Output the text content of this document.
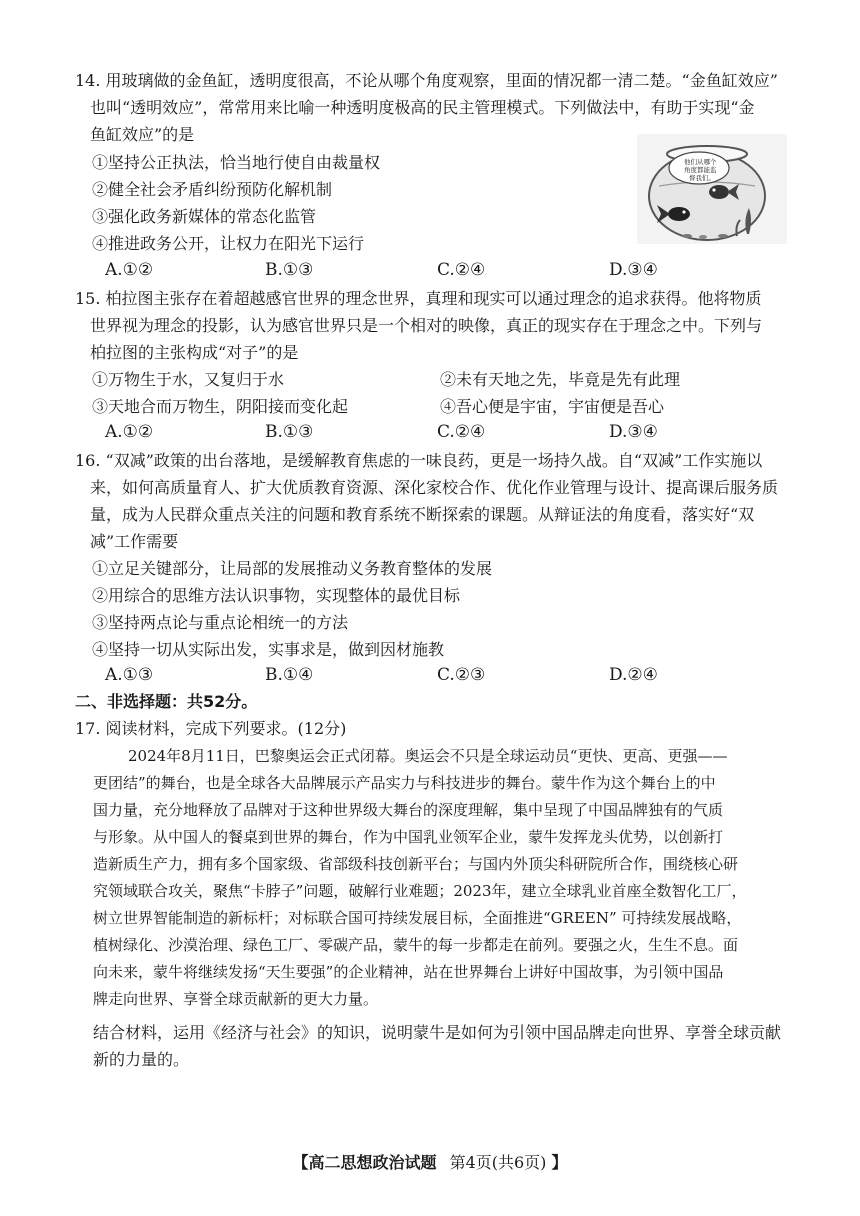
14. 用玻璃做的金鱼缸，透明度很高，不论从哪个角度观察，里面的情况都一清二楚。“金鱼缸效应”
也叫“透明效应”，常常用来比喻一种透明度极高的民主管理模式。下列做法中，有助于实现“金
鱼缸效应”的是
①坚持公正执法，恰当地行使自由裁量权
②健全社会矛盾纠纷预防化解机制
③强化政务新媒体的常态化监管
④推进政务公开，让权力在阳光下运行
A.①②	B.①③	C.②④	D.③④
他们从哪个
角度都能监
督我们。
15. 柏拉图主张存在着超越感官世界的理念世界，真理和现实可以通过理念的追求获得。他将物质
世界视为理念的投影，认为感官世界只是一个相对的映像，真正的现实存在于理念之中。下列与
柏拉图的主张构成“对子”的是
①万物生于水，又复归于水	②未有天地之先，毕竟是先有此理
③天地合而万物生，阴阳接而变化起	④吾心便是宇宙，宇宙便是吾心
A.①②	B.①③	C.②④	D.③④
16. “双减”政策的出台落地，是缓解教育焦虑的一味良药，更是一场持久战。自“双减”工作实施以
来，如何高质量育人、扩大优质教育资源、深化家校合作、优化作业管理与设计、提高课后服务质
量，成为人民群众重点关注的问题和教育系统不断探索的课题。从辩证法的角度看，落实好“双
减”工作需要
①立足关键部分，让局部的发展推动义务教育整体的发展
②用综合的思维方法认识事物，实现整体的最优目标
③坚持两点论与重点论相统一的方法
④坚持一切从实际出发，实事求是，做到因材施教
A.①③	B.①④	C.②③	D.②④
二、非选择题：共52分。
17. 阅读材料，完成下列要求。(12分)
2024年8月11日，巴黎奥运会正式闭幕。奥运会不只是全球运动员“更快、更高、更强——
更团结”的舞台，也是全球各大品牌展示产品实力与科技进步的舞台。蒙牛作为这个舞台上的中
国力量，充分地释放了品牌对于这种世界级大舞台的深度理解，集中呈现了中国品牌独有的气质
与形象。从中国人的餐桌到世界的舞台，作为中国乳业领军企业，蒙牛发挥龙头优势，以创新打
造新质生产力，拥有多个国家级、省部级科技创新平台；与国内外顶尖科研院所合作，围绕核心研
究领域联合攻关，聚焦“卡脖子”问题，破解行业难题；2023年，建立全球乳业首座全数智化工厂，
树立世界智能制造的新标杆；对标联合国可持续发展目标，全面推进“GREEN” 可持续发展战略，
植树绿化、沙漠治理、绿色工厂、零碳产品，蒙牛的每一步都走在前列。要强之火，生生不息。面
向未来，蒙牛将继续发扬“天生要强”的企业精神，站在世界舞台上讲好中国故事，为引领中国品
牌走向世界、享誉全球贡献新的更大力量。
结合材料，运用《经济与社会》的知识，说明蒙牛是如何为引领中国品牌走向世界、享誉全球贡献
新的力量的。
【高二思想政治试题 第4页(共6页) 】
